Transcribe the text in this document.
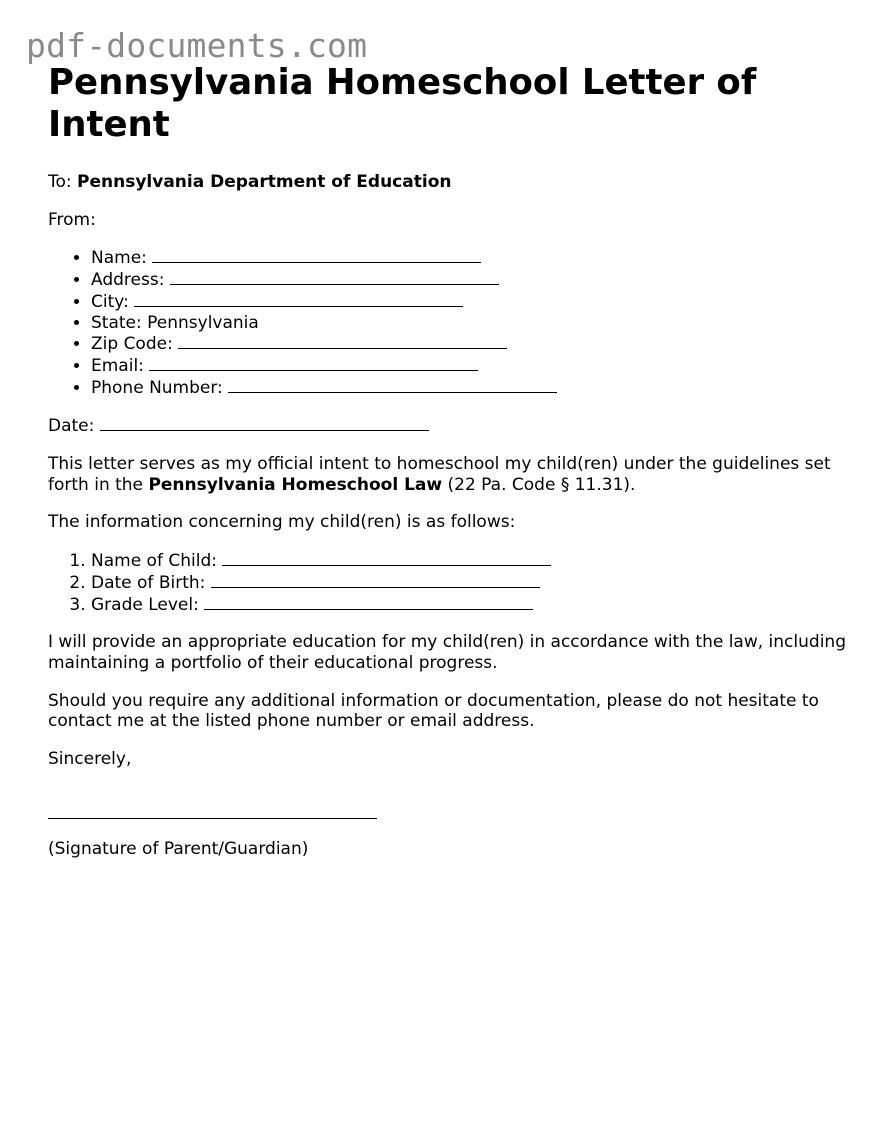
pdf-documents.com
Pennsylvania Homeschool Letter of Intent

To: Pennsylvania Department of Education

From:

• Name:
• Address:
• City:
• State: Pennsylvania
• Zip Code:
• Email:
• Phone Number:

Date:

This letter serves as my official intent to homeschool my child(ren) under the guidelines set forth in the Pennsylvania Homeschool Law (22 Pa. Code § 11.31).

The information concerning my child(ren) is as follows:

1. Name of Child:
2. Date of Birth:
3. Grade Level:

I will provide an appropriate education for my child(ren) in accordance with the law, including maintaining a portfolio of their educational progress.

Should you require any additional information or documentation, please do not hesitate to contact me at the listed phone number or email address.

Sincerely,

(Signature of Parent/Guardian)
